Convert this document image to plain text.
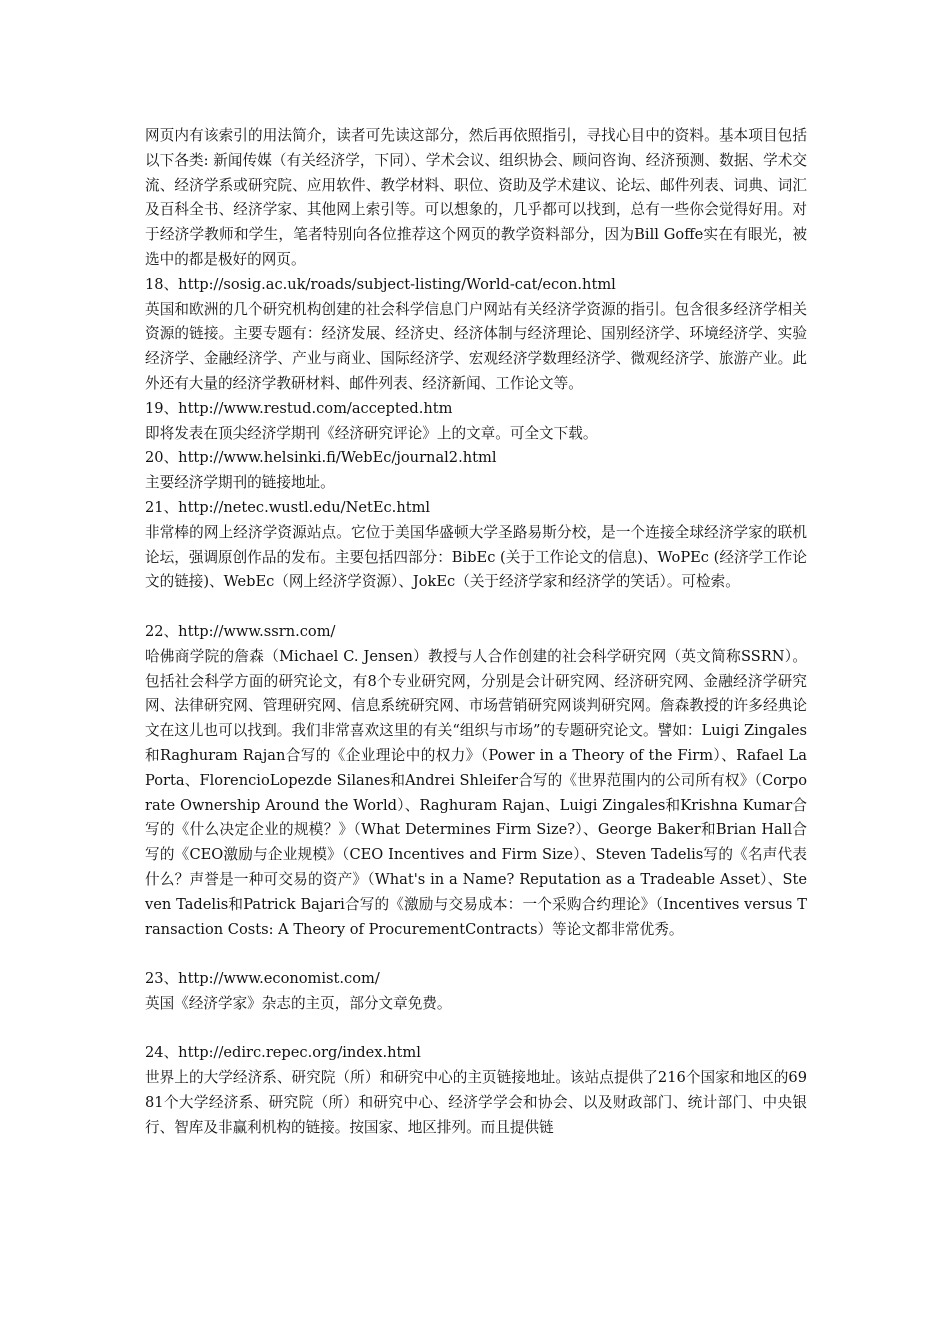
网页内有该索引的用法简介，读者可先读这部分，然后再依照指引，寻找心目中的资料。基本项目包括以下各类: 新闻传媒（有关经济学，下同）、学术会议、组织协会、顾问咨询、经济预测、数据、学术交流、经济学系或研究院、应用软件、教学材料、职位、资助及学术建议、论坛、邮件列表、词典、词汇及百科全书、经济学家、其他网上索引等。可以想象的，几乎都可以找到，总有一些你会觉得好用。对于经济学教师和学生，笔者特别向各位推荐这个网页的教学资料部分，因为Bill Goffe实在有眼光，被选中的都是极好的网页。
18、http://sosig.ac.uk/roads/subject-listing/World-cat/econ.html
英国和欧洲的几个研究机构创建的社会科学信息门户网站有关经济学资源的指引。包含很多经济学相关资源的链接。主要专题有：经济发展、经济史、经济体制与经济理论、国别经济学、环境经济学、实验经济学、金融经济学、产业与商业、国际经济学、宏观经济学数理经济学、微观经济学、旅游产业。此外还有大量的经济学教研材料、邮件列表、经济新闻、工作论文等。
19、http://www.restud.com/accepted.htm
即将发表在顶尖经济学期刊《经济研究评论》上的文章。可全文下载。
20、http://www.helsinki.fi/WebEc/journal2.html
主要经济学期刊的链接地址。
21、http://netec.wustl.edu/NetEc.html
非常棒的网上经济学资源站点。它位于美国华盛顿大学圣路易斯分校，是一个连接全球经济学家的联机论坛，强调原创作品的发布。主要包括四部分：BibEc (关于工作论文的信息)、WoPEc (经济学工作论文的链接)、WebEc（网上经济学资源）、JokEc（关于经济学家和经济学的笑话）。可检索。
22、http://www.ssrn.com/
哈佛商学院的詹森（Michael C. Jensen）教授与人合作创建的社会科学研究网（英文简称SSRN）。包括社会科学方面的研究论文，有8个专业研究网，分别是会计研究网、经济研究网、金融经济学研究网、法律研究网、管理研究网、信息系统研究网、市场营销研究网谈判研究网。詹森教授的许多经典论文在这儿也可以找到。我们非常喜欢这里的有关“组织与市场”的专题研究论文。譬如：Luigi Zingales和Raghuram Rajan合写的《企业理论中的权力》（Power in a Theory of the Firm）、Rafael La Porta、FlorencioLopezde Silanes和Andrei Shleifer合写的《世界范围内的公司所有权》（Corporate Ownership Around the World）、Raghuram Rajan、Luigi Zingales和Krishna Kumar合写的《什么决定企业的规模？》（What Determines Firm Size?）、George Baker和Brian Hall合写的《CEO激励与企业规模》（CEO Incentives and Firm Size）、Steven Tadelis写的《名声代表什么？声誉是一种可交易的资产》（What's in a Name? Reputation as a Tradeable Asset）、Steven Tadelis和Patrick Bajari合写的《激励与交易成本：一个采购合约理论》（Incentives versus Transaction Costs: A Theory of ProcurementContracts）等论文都非常优秀。
23、http://www.economist.com/
英国《经济学家》杂志的主页，部分文章免费。
24、http://edirc.repec.org/index.html
世界上的大学经济系、研究院（所）和研究中心的主页链接地址。该站点提供了216个国家和地区的6981个大学经济系、研究院（所）和研究中心、经济学学会和协会、以及财政部门、统计部门、中央银行、智库及非赢利机构的链接。按国家、地区排列。而且提供链
